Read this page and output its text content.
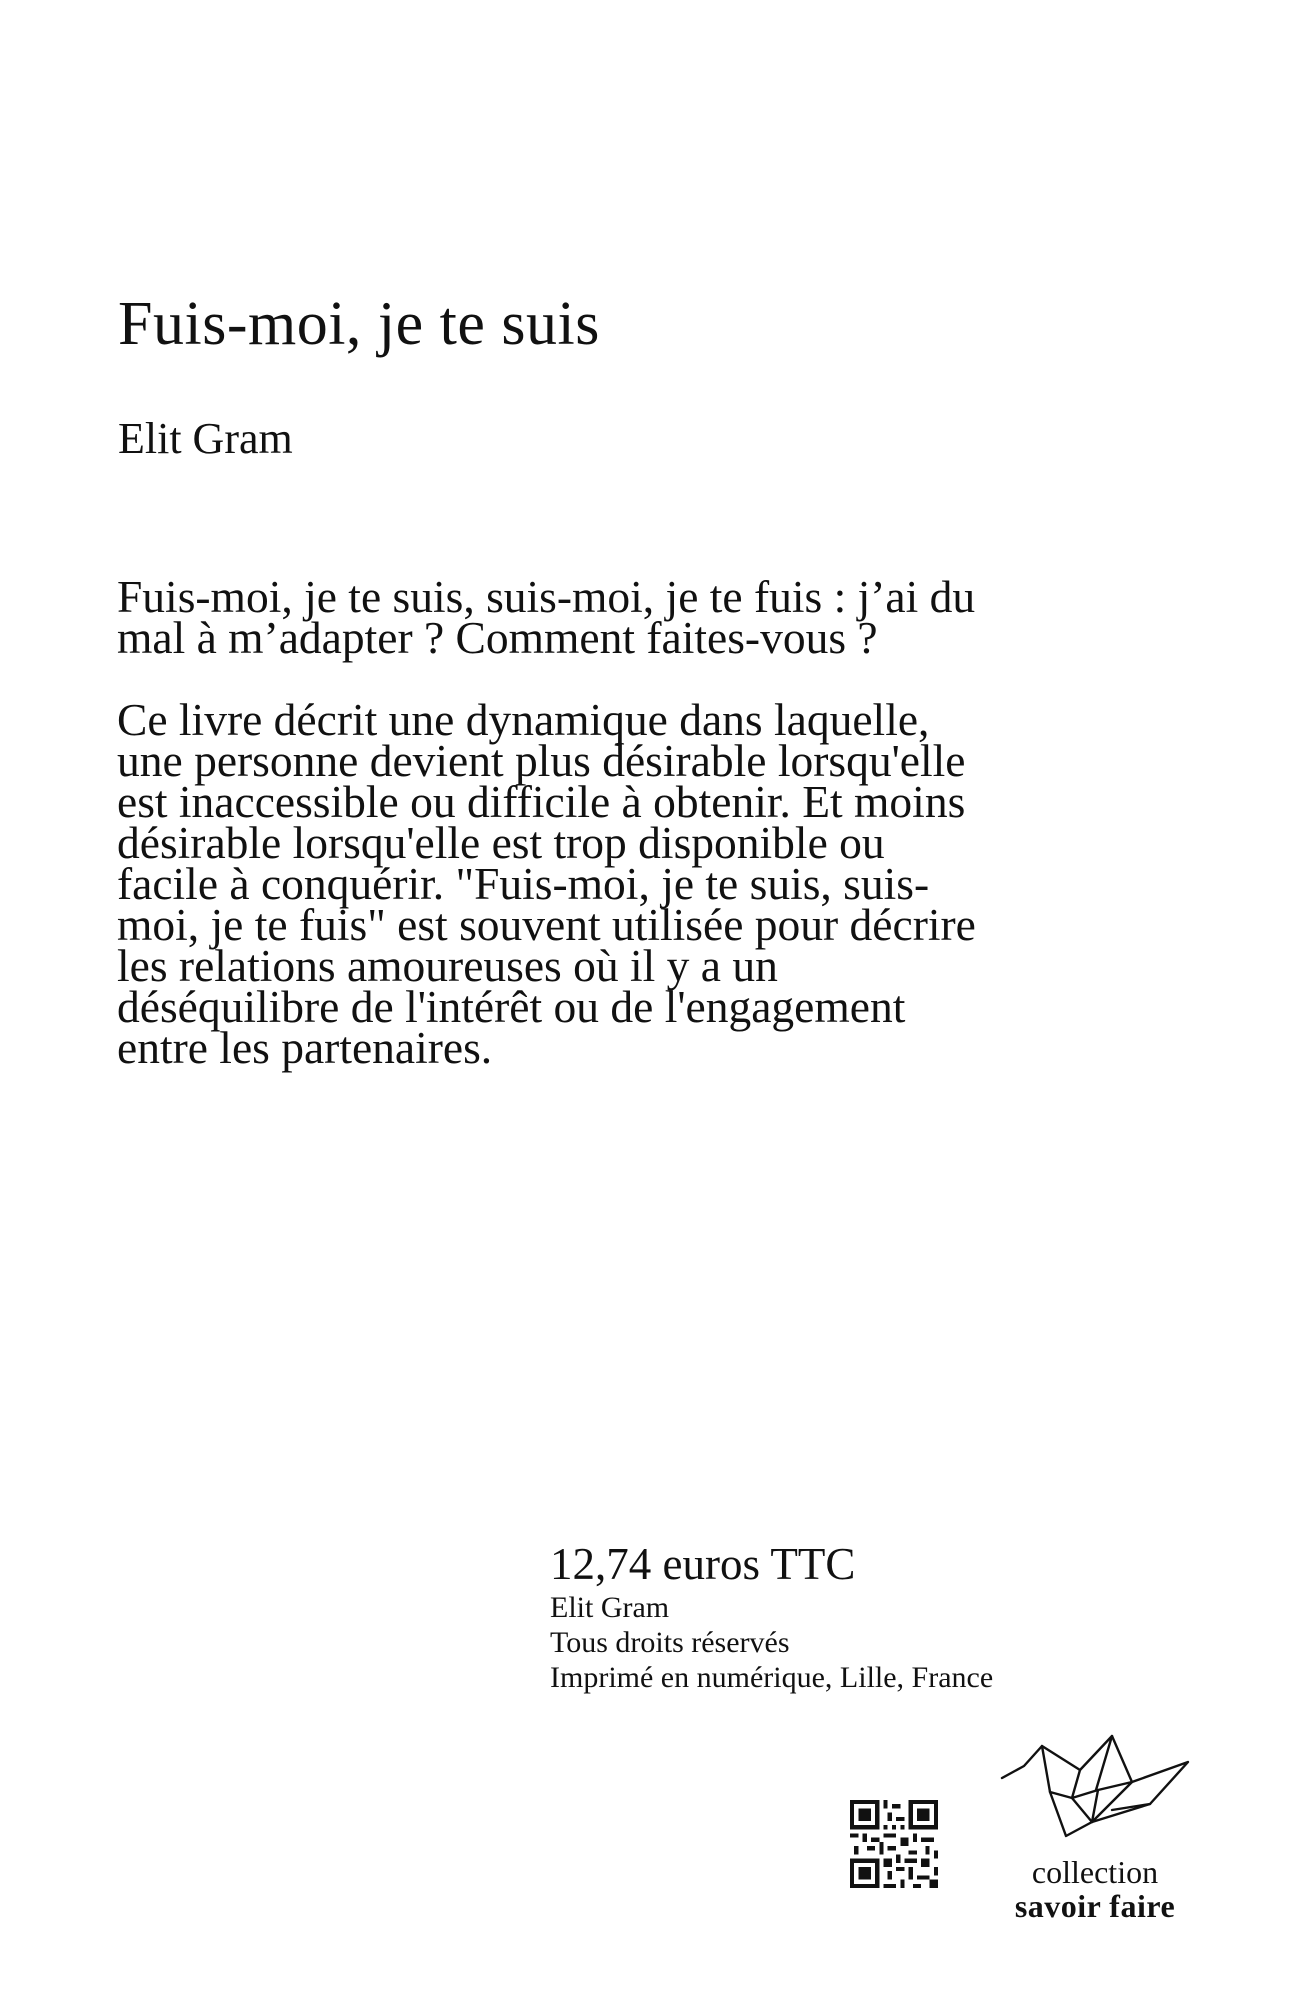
Fuis-moi, je te suis
Elit Gram

Fuis-moi, je te suis, suis-moi, je te fuis : j’ai du mal à m’adapter ? Comment faites-vous ?

Ce livre décrit une dynamique dans laquelle, une personne devient plus désirable lorsqu'elle est inaccessible ou difficile à obtenir. Et moins désirable lorsqu'elle est trop disponible ou facile à conquérir. "Fuis-moi, je te suis, suis-moi, je te fuis" est souvent utilisée pour décrire les relations amoureuses où il y a un déséquilibre de l'intérêt ou de l'engagement entre les partenaires.

12,74 euros TTC
Elit Gram
Tous droits réservés
Imprimé en numérique, Lille, France
collection
savoir faire
